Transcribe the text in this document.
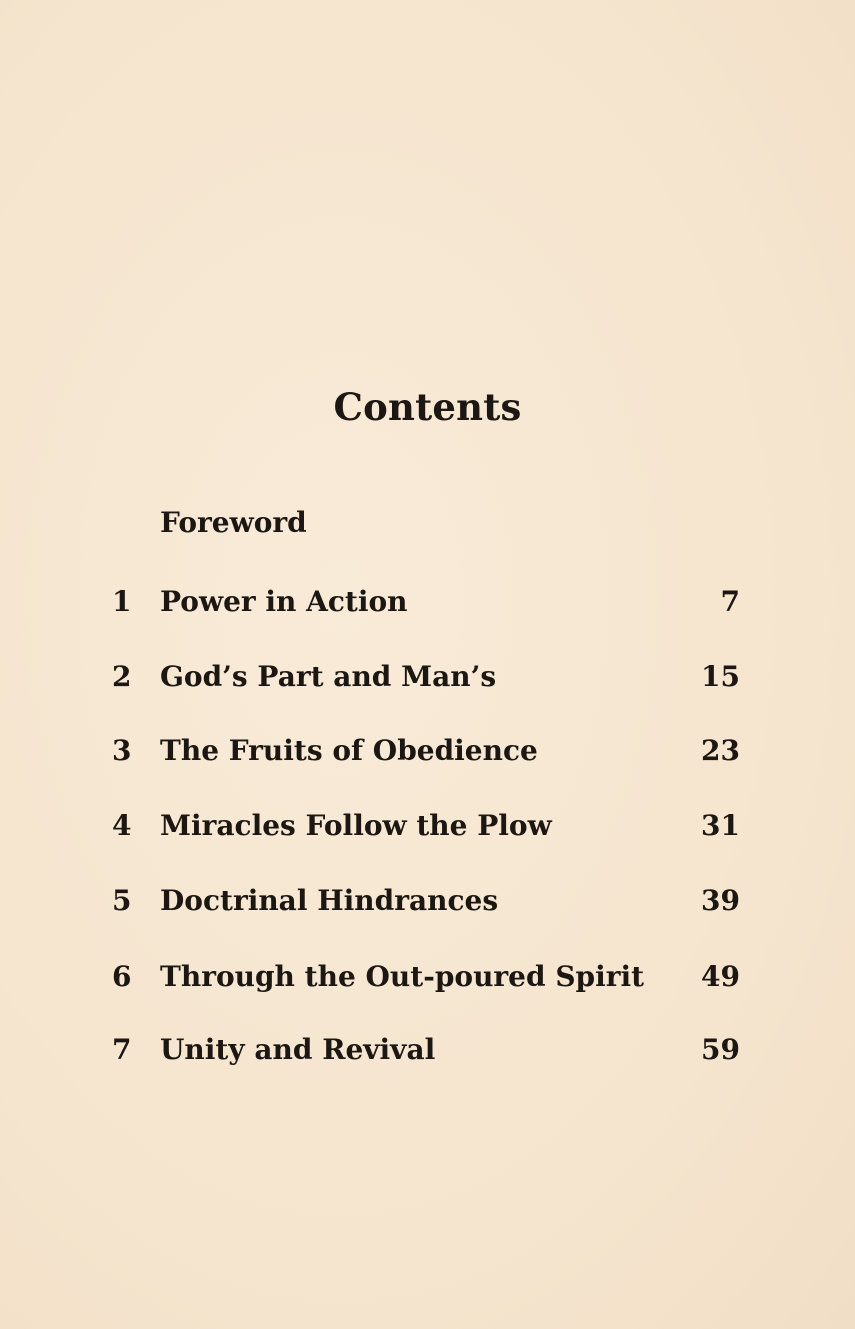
Contents
Foreword
1 Power in Action	7
2 God’s Part and Man’s	15
3 The Fruits of Obedience	23
4 Miracles Follow the Plow	31
5 Doctrinal Hindrances	39
6 Through the Out-poured Spirit 49
7 Unity and Revival	59
